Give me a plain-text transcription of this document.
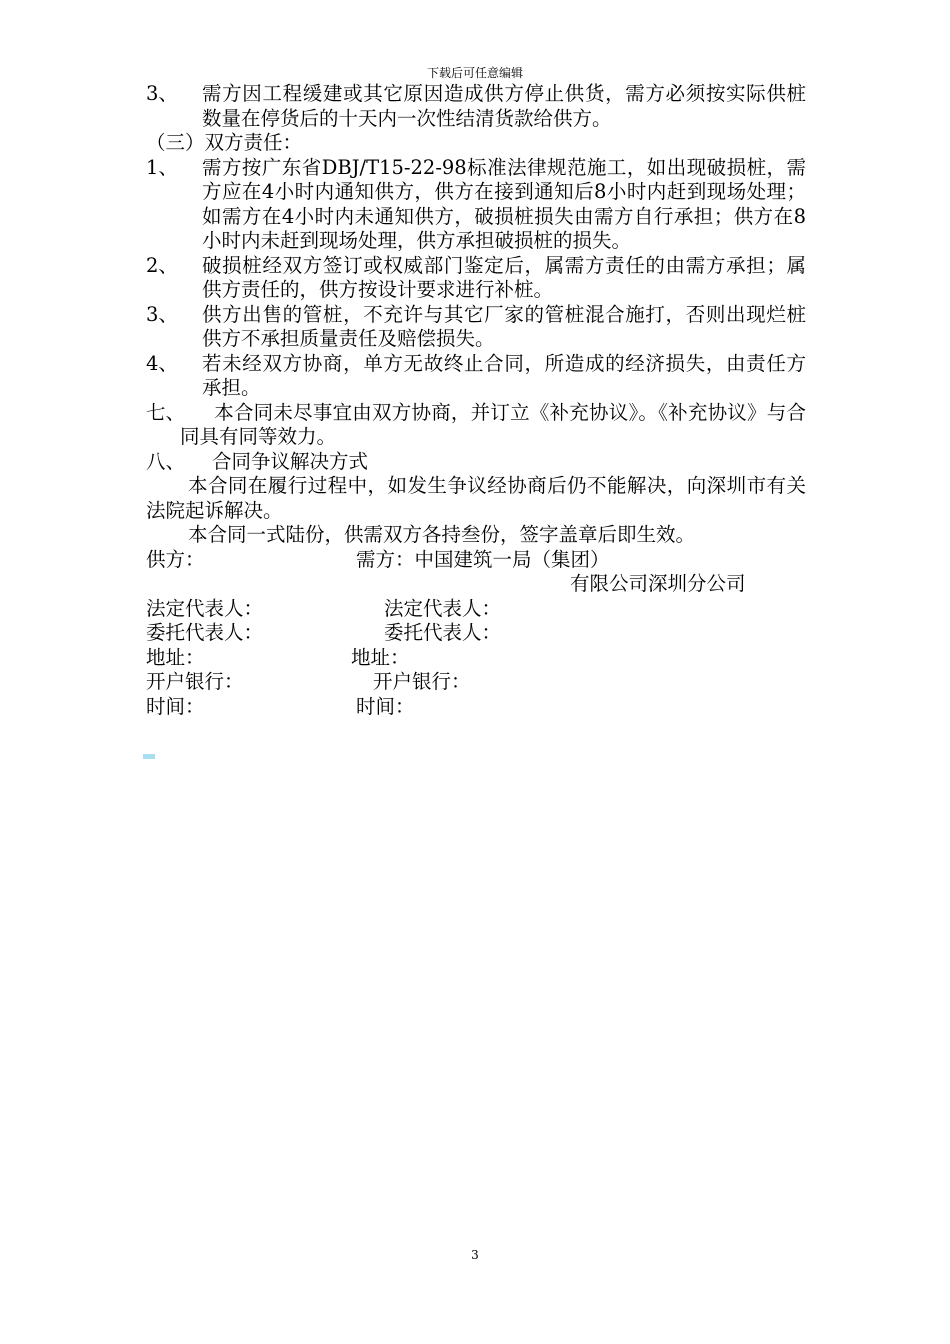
下载后可任意编辑
3、	需方因工程缓建或其它原因造成供方停止供货，需方必须按实际供桩数量在停货后的十天内一次性结清货款给供方。
（三）双方责任：
1、	需方按广东省DBJ/T15-22-98标准法律规范施工，如出现破损桩，需方应在4小时内通知供方，供方在接到通知后8小时内赶到现场处理；如需方在4小时内未通知供方，破损桩损失由需方自行承担；供方在8小时内未赶到现场处理，供方承担破损桩的损失。
2、	破损桩经双方签订或权威部门鉴定后，属需方责任的由需方承担；属供方责任的，供方按设计要求进行补桩。
3、	供方出售的管桩，不充许与其它厂家的管桩混合施打，否则出现烂桩供方不承担质量责任及赔偿损失。
4、	若未经双方协商，单方无故终止合同，所造成的经济损失，由责任方承担。
七、 本合同未尽事宜由双方协商，并订立《补充协议》。《补充协议》与合同具有同等效力。
八、	合同争议解决方式
本合同在履行过程中，如发生争议经协商后仍不能解决，向深圳市有关法院起诉解决。
本合同一式陆份，供需双方各持叁份，签字盖章后即生效。
供方：	需方：中国建筑一局（集团）
有限公司深圳分公司
法定代表人：	法定代表人：
委托代表人：	委托代表人：
地址：	地址：
开户银行：	开户银行：
时间：	时间：
3
